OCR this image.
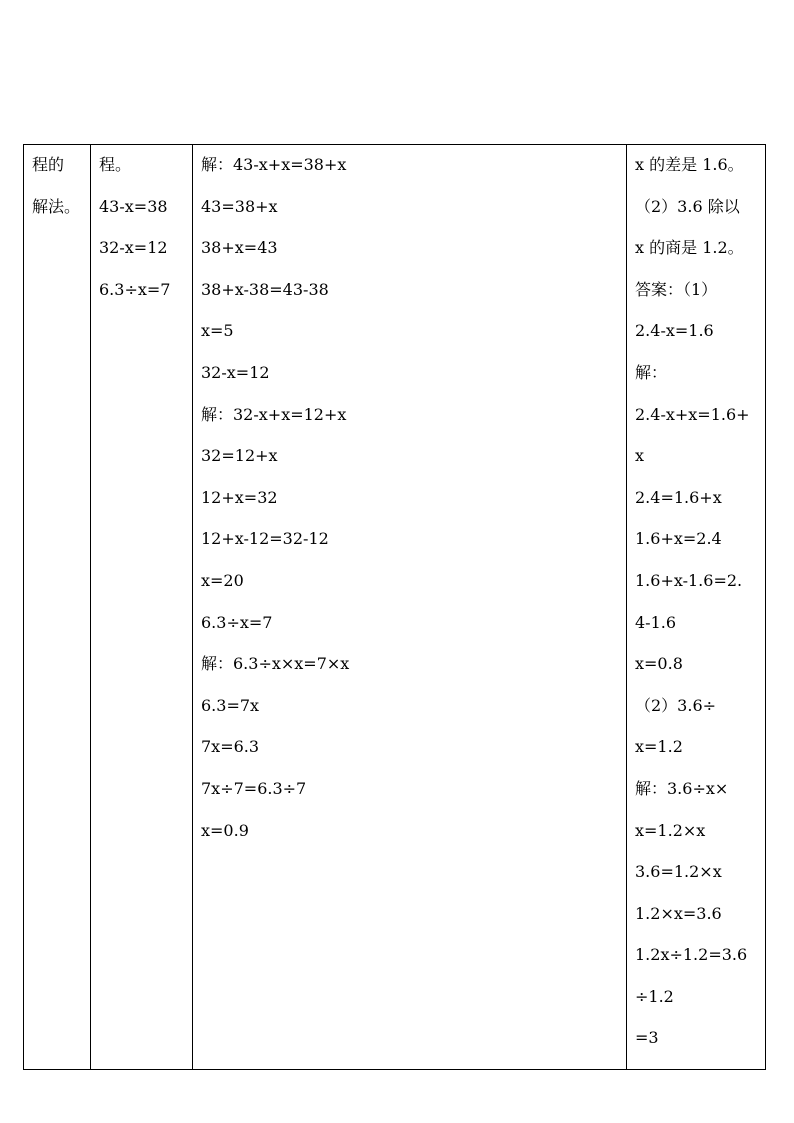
程的
解法。

程。
43-x=38
32-x=12
6.3÷x=7

解：43-x+x=38+x
43=38+x
38+x=43
38+x-38=43-38
x=5
32-x=12
解：32-x+x=12+x
32=12+x
12+x=32
12+x-12=32-12
x=20
6.3÷x=7
解：6.3÷x×x=7×x
6.3=7x
7x=6.3
7x÷7=6.3÷7
x=0.9

x 的差是 1.6。
（2）3.6 除以
x 的商是 1.2。
答案：（1）
2.4-x=1.6
解：
2.4-x+x=1.6+
x
2.4=1.6+x
1.6+x=2.4
1.6+x-1.6=2.
4-1.6
x=0.8
（2）3.6÷
x=1.2
解：3.6÷x×
x=1.2×x
3.6=1.2×x
1.2×x=3.6
1.2x÷1.2=3.6
÷1.2
=3
